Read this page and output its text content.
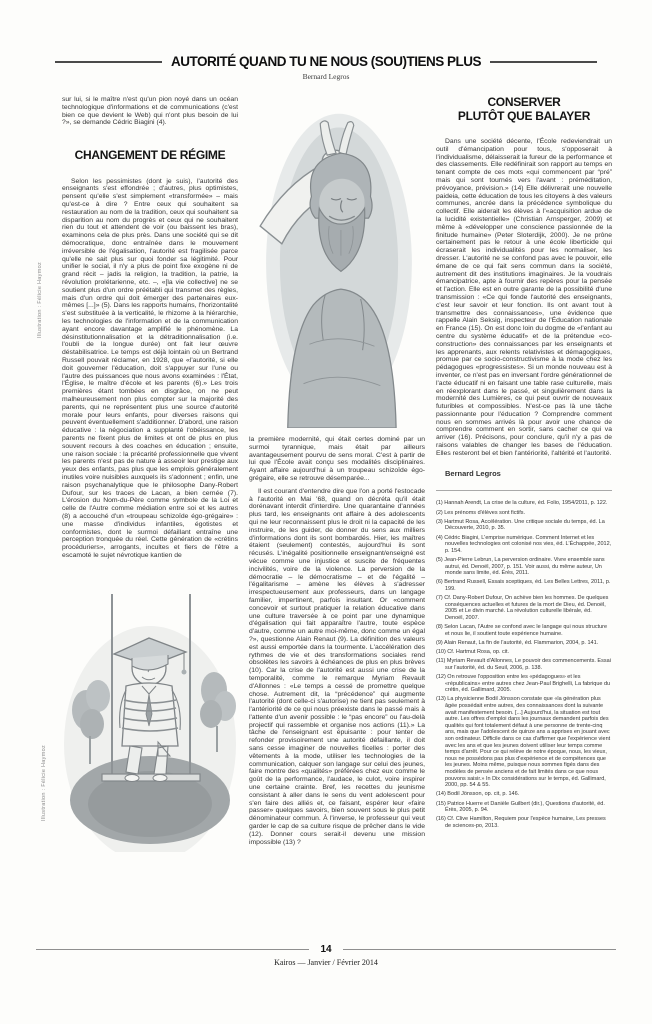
AUTORITÉ QUAND TU NE NOUS (SOU)TIENS PLUS
Bernard Legros

sur lui, si le maître n'est qu'un pion noyé dans un océan technologique d'informations et de communications (c'est bien ce que devient le Web) qui n'ont plus besoin de lui ?», se demande Cédric Biagini (4).

CHANGEMENT DE RÉGIME

Selon les pessimistes (dont je suis), l'autorité des enseignants s'est effondrée ; d'autres, plus optimistes, pensent qu'elle s'est simplement «transformée» – mais qu'est-ce à dire ? Entre ceux qui souhaitent sa restauration au nom de la tradition, ceux qui souhaitent sa disparition au nom du progrès et ceux qui ne souhaitent rien du tout et attendent de voir (ou baissent les bras), examinons cela de plus près. Dans une société qui se dit démocratique, donc entraînée dans le mouvement irréversible de l'égalisation, l'autorité est fragilisée parce qu'elle ne sait plus sur quoi fonder sa légitimité. Pour unifier le social, il n'y a plus de point fixe exogène ni de grand récit – jadis la religion, la tradition, la patrie, la révolution prolétarienne, etc. –, «[la vie collective] ne se soutient plus d'un ordre préétabli qui transmet des règles, mais d'un ordre qui doit émerger des partenaires eux-mêmes [...]» (5). Dans les rapports humains, l'horizontalité s'est substituée à la verticalité, le rhizome à la hiérarchie, les technologies de l'information et de la communication ayant encore davantage amplifié le phénomène. La désinstitutionnalisation et la détraditionnalisation (i.e. l'oubli de la longue durée) ont fait leur œuvre déstabilisatrice. Le temps est déjà lointain où un Bertrand Russell pouvait réclamer, en 1928, que «l'autorité, si elle doit gouverner l'éducation, doit s'appuyer sur l'une ou l'autre des puissances que nous avons examinées : l'État, l'Église, le maître d'école et les parents (6).» Les trois premières étant tombées en disgrâce, on ne peut malheureusement non plus compter sur la majorité des parents, qui ne représentent plus une source d'autorité morale pour leurs enfants, pour diverses raisons qui peuvent éventuellement s'additionner. D'abord, une raison éducative : la négociation a supplanté l'obéissance, les parents ne fixent plus de limites et ont de plus en plus souvent recours à des coaches en éducation ; ensuite, une raison sociale : la précarité professionnelle que vivent les parents n'est pas de nature à asseoir leur prestige aux yeux des enfants, pas plus que les emplois généralement inutiles voire nuisibles auxquels ils s'adonnent ; enfin, une raison psychanalytique que le philosophe Dany-Robert Dufour, sur les traces de Lacan, a bien cernée (7). L'érosion du Nom-du-Père comme symbole de la Loi et celle de l'Autre comme médiation entre soi et les autres (8) a accouché d'un «troupeau schizoïde égo-grégaire» : une masse d'individus infantiles, égotistes et conformistes, dont le surmoi défaillant entraîne une perception tronquée du réel. Cette génération de «crétins procéduriers», arrogants, incultes et fiers de l'être a escamoté le sujet névrotique kantien de

la première modernité, qui était certes dominé par un surmoi tyrannique, mais était par ailleurs avantageusement pourvu de sens moral. C'est à partir de lui que l'École avait conçu ses modalités disciplinaires. Ayant affaire aujourd'hui à un troupeau schizoïde égo-grégaire, elle se retrouve désemparée...

Il est courant d'entendre dire que l'on a porté l'estocade à l'autorité en Mai '68, quand on décréta qu'il était dorénavant interdit d'interdire. Une quarantaine d'années plus tard, les enseignants ont affaire à des adolescents qui ne leur reconnaissent plus le droit ni la capacité de les instruire, de les guider, de donner du sens aux milliers d'informations dont ils sont bombardés. Hier, les maîtres étaient (seulement) contestés, aujourd'hui ils sont récusés. L'inégalité positionnelle enseignant/enseigné est vécue comme une injustice et suscite de fréquentes incivilités, voire de la violence. La perversion de la démocratie – le démocratisme – et de l'égalité – l'égalitarisme – amène les élèves à s'adresser irrespectueusement aux professeurs, dans un langage familier, impertinent, parfois insultant. Or «comment concevoir et surtout pratiquer la relation éducative dans une culture traversée à ce point par une dynamique d'égalisation qui fait apparaître l'autre, toute espèce d'autre, comme un autre moi-même, donc comme un égal ?», questionne Alain Renaut (9). La définition des valeurs est aussi emportée dans la tourmente. L'accélération des rythmes de vie et des transformations sociales rend obsolètes les savoirs à échéances de plus en plus brèves (10). Car la crise de l'autorité est aussi une crise de la temporalité, comme le remarque Myriam Revault d'Allonnes : «Le temps a cessé de promettre quelque chose. Autrement dit, la “précédence” qui augmente l'autorité (dont celle-ci s'autorise) ne tient pas seulement à l'antériorité de ce qui nous préexiste dans le passé mais à l'attente d'un avenir possible : le “pas encore” ou l'au-delà projectif qui rassemble et organise nos actions (11).» La tâche de l'enseignant est épuisante : pour tenter de refonder provisoirement une autorité défaillante, il doit sans cesse imaginer de nouvelles ficelles : porter des vêtements à la mode, utiliser les technologies de la communication, calquer son langage sur celui des jeunes, faire montre des «qualités» préférées chez eux comme le goût de la performance, l'audace, le culot, voire inspirer une certaine crainte. Bref, les recettes du jeunisme consistant à aller dans le sens du vent adolescent pour s'en faire des alliés et, ce faisant, espérer leur «faire passer» quelques savoirs, bien souvent sous le plus petit dénominateur commun. À l'inverse, le professeur qui veut garder le cap de sa culture risque de prêcher dans le vide (12). Donner cours serait-il devenu une mission impossible (13) ?

CONSERVER
PLUTÔT QUE BALAYER

Dans une société décente, l'École redeviendrait un outil d'émancipation pour tous, s'opposerait à l'individualisme, délaisserait la fureur de la performance et des classements. Elle redéfinirait son rapport au temps en tenant compte de ces mots «qui commencent par “pré” mais qui sont tournés vers l'avant : préméditation, prévoyance, prévision.» (14) Elle délivrerait une nouvelle paideia, cette éducation de tous les citoyens à des valeurs communes, ancrée dans la précédence symbolique du collectif. Elle aiderait les élèves à l'«acquisition ardue de la lucidité existentielle» (Christian Arnsperger, 2009) et même à «développer une conscience passionnée de la finitude humaine» (Peter Sloterdijk, 2000). Je ne prône certainement pas le retour à une école liberticide qui écraserait les individualités pour les normaliser, les dresser. L'autorité ne se confond pas avec le pouvoir, elle émane de ce qui fait sens commun dans la société, autrement dit des institutions imaginaires. Je la voudrais émancipatrice, apte à fournir des repères pour la pensée et l'action. Elle est en outre garante de la possibilité d'une transmission : «Ce qui fonde l'autorité des enseignants, c'est leur savoir et leur fonction. Ils ont avant tout à transmettre des connaissances», une évidence que rappelle Alain Seksig, inspecteur de l'Éducation nationale en France (15). On est donc loin du dogme de «l'enfant au centre du système éducatif» et de la prétendue «co-construction» des connaissances par les enseignants et les apprenants, aux relents relativistes et démagogiques, promue par ce socio-constructivisme à la mode chez les pédagogues «progressistes». Si un monde nouveau est à inventer, ce n'est pas en inversant l'ordre générationnel de l'acte éducatif ni en faisant une table rase culturelle, mais en réexplorant dans le passé, et singulièrement dans la modernité des Lumières, ce qui peut ouvrir de nouveaux futuribles et compossibles. N'est-ce pas là une tâche passionnante pour l'éducation ? Comprendre comment nous en sommes arrivés là pour avoir une chance de comprendre comment en sortir, sans cacher ce qui va arriver (16). Précisons, pour conclure, qu'il n'y a pas de raisons valables de changer les bases de l'éducation. Elles resteront bel et bien l'antériorité, l'altérité et l'autorité.

Bernard Legros

(1) Hannah Arendt, La crise de la culture, éd. Folio, 1954/2011, p. 122.

(2) Les prénoms d'élèves sont fictifs.

(3) Hartmut Rosa, Accélération. Une critique sociale du temps, éd. La Découverte, 2010, p. 35.

(4) Cédric Biagini, L'emprise numérique. Comment Internet et les nouvelles technologies ont colonisé nos vies, éd. L'Échappée, 2012, p. 154.

(5) Jean-Pierre Lebrun, La perversion ordinaire. Vivre ensemble sans autrui, éd. Denoël, 2007, p. 151. Voir aussi, du même auteur, Un monde sans limite, éd. Érès, 2011.

(6) Bertrand Russell, Essais sceptiques, éd. Les Belles Lettres, 2011, p. 199.

(7) Cf. Dany-Robert Dufour, On achève bien les hommes. De quelques conséquences actuelles et futures de la mort de Dieu, éd. Denoël, 2005 et Le divin marché. La révolution culturelle libérale, éd. Denoël, 2007.

(8) Selon Lacan, l'Autre se confond avec le langage qui nous structure et nous lie, il soutient toute expérience humaine.

(9) Alain Renaut, La fin de l'autorité, éd. Flammarion, 2004, p. 141.

(10) Cf. Hartmut Rosa, op. cit.

(11) Myriam Revault d'Allonnes, Le pouvoir des commencements. Essai sur l'autorité, éd. du Seuil, 2006, p. 138.

(12) On retrouve l'opposition entre les «pédagogues» et les «républicains» entre autres chez Jean-Paul Brighelli, La fabrique du crétin, éd. Gallimard, 2005.

(13) La physicienne Bodil Jönsson constate que «la génération plus âgée possédait entre autres, des connaissances dont la suivante avait manifestement besoin. [...] Aujourd'hui, la situation est tout autre. Les offres d'emploi dans les journaux demandent parfois des qualités qui font totalement défaut à une personne de trente-cinq ans, mais que l'adolescent de quinze ans a apprises en jouant avec son ordinateur. Difficile dans ce cas d'affirmer que l'expérience vient avec les ans et que les jeunes doivent utiliser leur temps comme temps d'arrêt. Pour ce qui relève de notre époque, nous, les vieux, nous ne possédons pas plus d'expérience et de compétences que les jeunes. Moins même, puisque nous sommes figés dans des modèles de pensée anciens et de fait limités dans ce que nous pouvons saisir.» In Dix considérations sur le temps, éd. Gallimard, 2000, pp. 54 & 55.

(14) Bodil Jönsson, op. cit, p. 146.

(15) Patrice Huerre et Danièle Guilbert (dir.), Questions d'autorité, éd. Érès, 2005, p. 94.

(16) Cf. Clive Hamilton, Requiem pour l'espèce humaine, Les presses de sciences-po, 2013.

Illustration : Félicie Haymoz
Illustration : Félicie Haymoz
14
Kairos — Janvier / Février 2014
